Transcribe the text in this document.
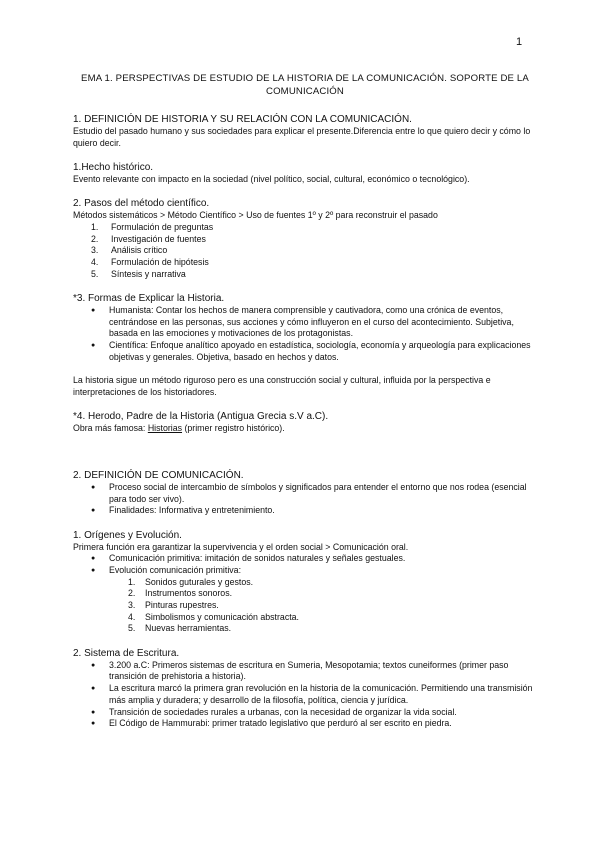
1
EMA 1. PERSPECTIVAS DE ESTUDIO DE LA HISTORIA DE LA COMUNICACIÓN. SOPORTE DE LA COMUNICACIÓN
1. DEFINICIÓN DE HISTORIA Y SU RELACIÓN CON LA COMUNICACIÓN.

Estudio del pasado humano y sus sociedades para explicar el presente.Diferencia entre lo que quiero decir y cómo lo quiero decir.

1.Hecho histórico.

Evento relevante con impacto en la sociedad (nivel político, social, cultural, económico o tecnológico).

2. Pasos del método científico.

Métodos sistemáticos > Método Científico > Uso de fuentes 1º y 2º para reconstruir el pasado

1. Formulación de preguntas
2. Investigación de fuentes
3. Análisis crítico
4. Formulación de hipótesis
5. Síntesis y narrativa
*3. Formas de Explicar la Historia.
● Humanista: Contar los hechos de manera comprensible y cautivadora, como una crónica de eventos, centrándose en las personas, sus acciones y cómo influyeron en el curso del acontecimiento. Subjetiva, basada en las emociones y motivaciones de los protagonistas.
● Científica: Enfoque analítico apoyado en estadística, sociología, economía y arqueología para explicaciones objetivas y generales. Objetiva, basado en hechos y datos.

La historia sigue un método riguroso pero es una construcción social y cultural, influida por la perspectiva e interpretaciones de los historiadores.

*4. Herodo, Padre de la Historia (Antigua Grecia s.V a.C).

Obra más famosa: Historias (primer registro histórico).

2. DEFINICIÓN DE COMUNICACIÓN.
● Proceso social de intercambio de símbolos y significados para entender el entorno que nos rodea (esencial para todo ser vivo).
● Finalidades: Informativa y entretenimiento.
1. Orígenes y Evolución.

Primera función era garantizar la supervivencia y el orden social > Comunicación oral.

● Comunicación primitiva: imitación de sonidos naturales y señales gestuales.
● Evolución comunicación primitiva:
1. Sonidos guturales y gestos.
2. Instrumentos sonoros.
3. Pinturas rupestres.
4. Simbolismos y comunicación abstracta.
5. Nuevas herramientas.
2. Sistema de Escritura.
● 3.200 a.C: Primeros sistemas de escritura en Sumeria, Mesopotamia; textos cuneiformes (primer paso transición de prehistoria a historia).
● La escritura marcó la primera gran revolución en la historia de la comunicación. Permitiendo una transmisión más amplia y duradera; y desarrollo de la filosofía, política, ciencia y jurídica.
● Transición de sociedades rurales a urbanas, con la necesidad de organizar la vida social.
● El Código de Hammurabi: primer tratado legislativo que perduró al ser escrito en piedra.
